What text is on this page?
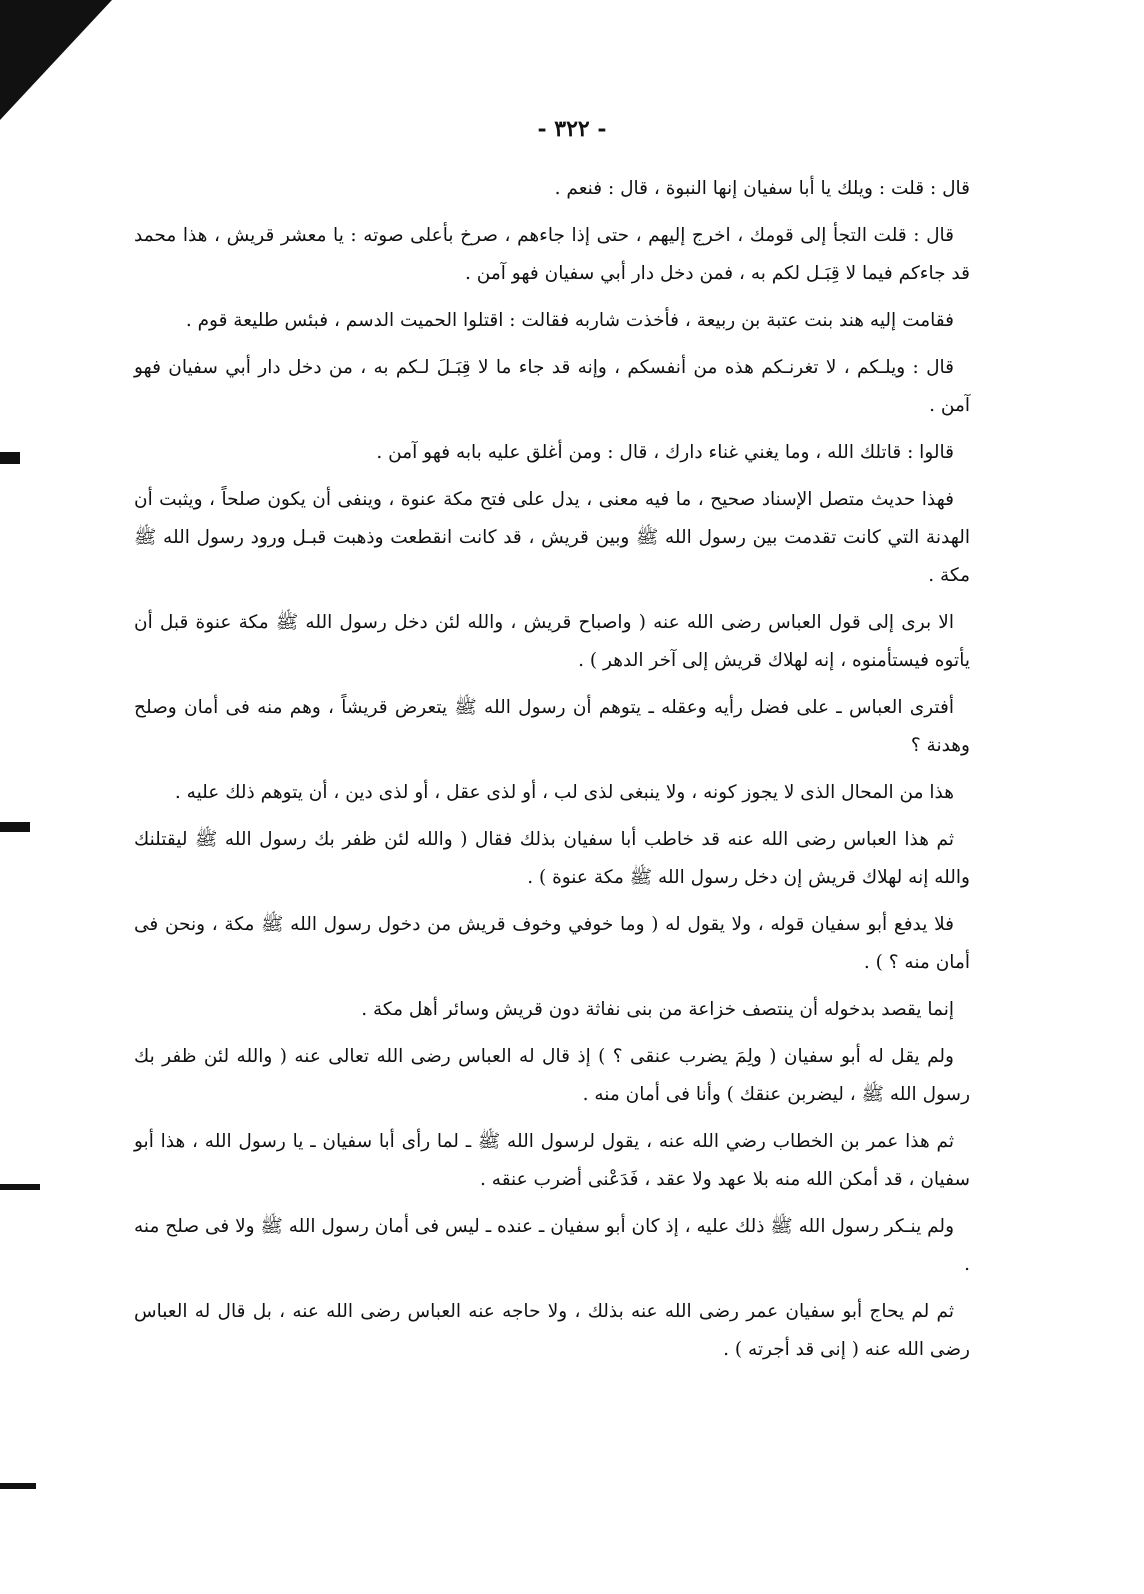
- ٣٢٢ -

قال : قلت : ويلك يا أبا سفيان إنها النبوة ، قال : فنعم .

قال : قلت التجأ إلى قومك ، اخرج إليهم ، حتى إذا جاءهم ، صرخ بأعلى صوته : يا معشر قريش ، هذا محمد قد جاءكم فيما لا قِبَـل لكم به ، فمن دخل دار أبي سفيان فهو آمن .

فقامت إليه هند بنت عتبة بن ربيعة ، فأخذت شاربه فقالت : اقتلوا الحميت الدسم ، فبئس طليعة قوم .

قال : ويلـكم ، لا تغرنـكم هذه من أنفسكم ، وإنه قد جاء ما لا قِبَـلَ لـكم به ، من دخل دار أبي سفيان فهو آمن .

قالوا : قاتلك الله ، وما يغني غناء دارك ، قال : ومن أغلق عليه بابه فهو آمن .

فهذا حديث متصل الإسناد صحيح ، ما فيه معنى ، يدل على فتح مكة عنوة ، وينفى أن يكون صلحاً ، ويثبت أن الهدنة التي كانت تقدمت بين رسول الله ﷺ وبين قريش ، قد كانت انقطعت وذهبت قبـل ورود رسول الله ﷺ مكة .

الا برى إلى قول العباس رضى الله عنه ( واصباح قريش ، والله لئن دخل رسول الله ﷺ مكة عنوة قبل أن يأتوه فيستأمنوه ، إنه لهلاك قريش إلى آخر الدهر ) .

أفترى العباس ـ على فضل رأيه وعقله ـ يتوهم أن رسول الله ﷺ يتعرض قريشاً ، وهم منه فى أمان وصلح وهدنة ؟

هذا من المحال الذى لا يجوز كونه ، ولا ينبغى لذى لب ، أو لذى عقل ، أو لذى دين ، أن يتوهم ذلك عليه .

ثم هذا العباس رضى الله عنه قد خاطب أبا سفيان بذلك فقال ( والله لئن ظفر بك رسول الله ﷺ ليقتلنك والله إنه لهلاك قريش إن دخل رسول الله ﷺ مكة عنوة ) .

فلا يدفع أبو سفيان قوله ، ولا يقول له ( وما خوفي وخوف قريش من دخول رسول الله ﷺ مكة ، ونحن فى أمان منه ؟ ) .

إنما يقصد بدخوله أن ينتصف خزاعة من بنى نفاثة دون قريش وسائر أهل مكة .

ولم يقل له أبو سفيان ( ولِمَ يضرب عنقى ؟ ) إذ قال له العباس رضى الله تعالى عنه ( والله لئن ظفر بك رسول الله ﷺ ، ليضربن عنقك ) وأنا فى أمان منه .

ثم هذا عمر بن الخطاب رضي الله عنه ، يقول لرسول الله ﷺ ـ لما رأى أبا سفيان ـ يا رسول الله ، هذا أبو سفيان ، قد أمكن الله منه بلا عهد ولا عقد ، فَدَعْنى أضرب عنقه .

ولم ينـكر رسول الله ﷺ ذلك عليه ، إذ كان أبو سفيان ـ عنده ـ ليس فى أمان رسول الله ﷺ ولا فى صلح منه .

ثم لم يحاج أبو سفيان عمر رضى الله عنه بذلك ، ولا حاجه عنه العباس رضى الله عنه ، بل قال له العباس رضى الله عنه ( إنى قد أجرته ) .
